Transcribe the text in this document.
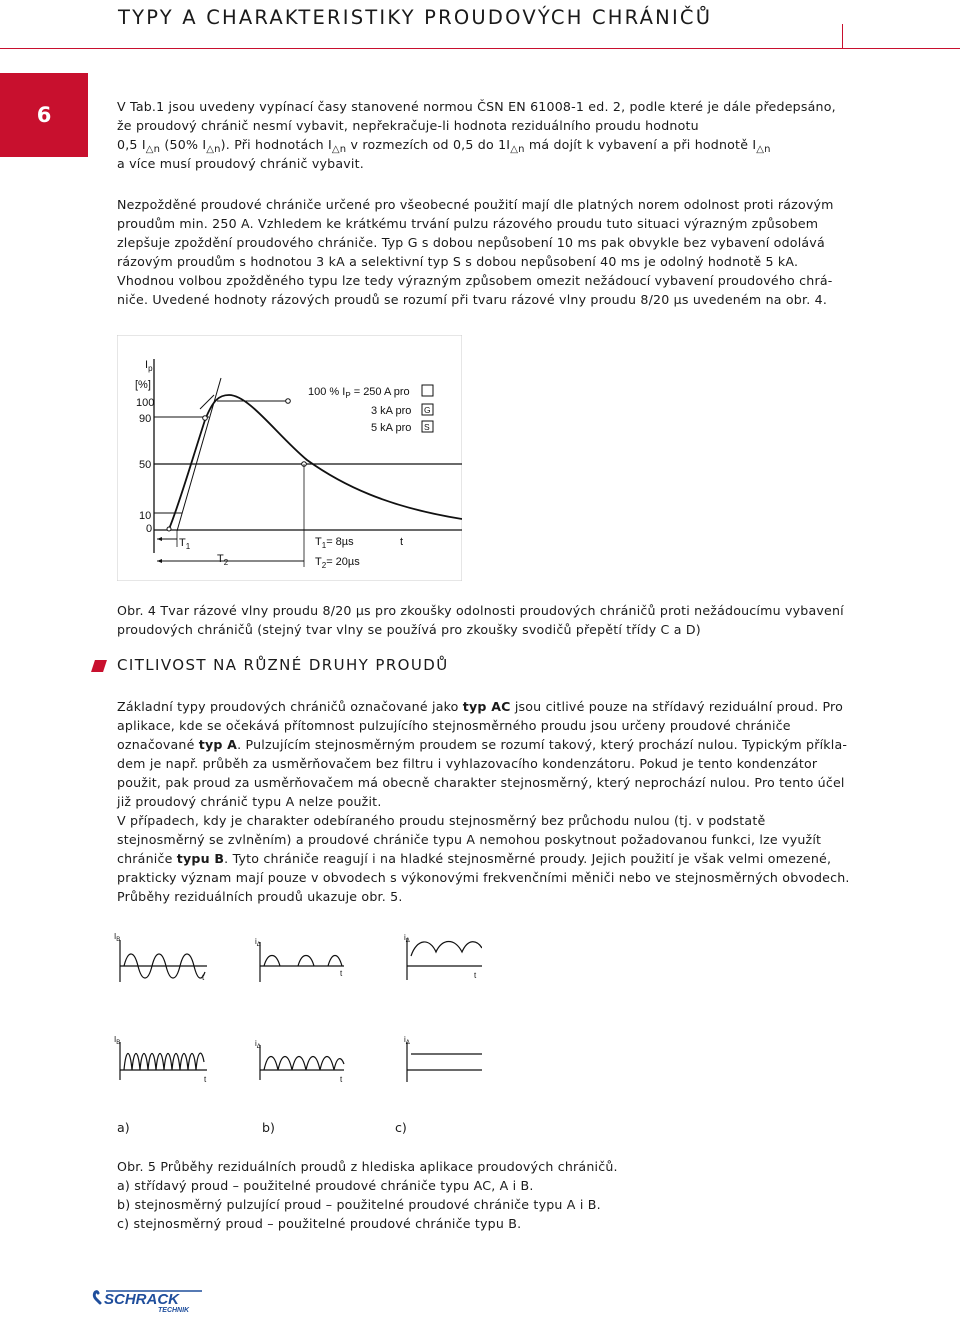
TYPY A CHARAKTERISTIKY PROUDOVÝCH CHRÁNIČŮ
6	V Tab.1 jsou uvedeny vypínací časy stanovené normou ČSN EN 61008-1 ed. 2, podle které je dále předepsáno,
že proudový chránič nesmí vybavit, nepřekračuje-li hodnota reziduálního proudu hodnotu
0,5 $I_{\triangle n}$ (50% $I_{\triangle n}$). Při hodnotách $I_{\triangle n}$ v rozmezích od 0,5 do $1I_{\triangle n}$ má dojít k vybavení a při hodnotě $I_{\triangle n}$
a více musí proudový chránič vybavit.
Nezpožděné proudové chrániče určené pro všeobecné použití mají dle platných norem odolnost proti rázovým
proudům min. 250 A. Vzhledem ke krátkému trvání pulzu rázového proudu tuto situaci výrazným způsobem
zlepšuje zpoždění proudového chrániče. Typ G s dobou nepůsobení 10 ms pak obvykle bez vybavení odolává
rázovým proudům s hodnotou 3 kA a selektivní typ S s dobou nepůsobení 40 ms je odolný hodnotě 5 kA.
Vhodnou volbou zpožděného typu lze tedy výrazným způsobem omezit nežádoucí vybavení proudového chrá-
niče. Uvedené hodnoty rázových proudů se rozumí při tvaru rázové vlny proudu 8/20 µs uvedeném na obr. 4.
$I_p$
[%]
100
90
50
10
0
100 % $I_P = 250$ A pro
3 kA pro G
5 kA pro S
$T_1$
$T_2$
$T_1= 8\mu s$
$T_2= 20\mu s$
t
Obr. 4 Tvar rázové vlny proudu 8/20 µs pro zkoušky odolnosti proudových chráničů proti nežádoucímu vybavení
proudových chráničů (stejný tvar vlny se používá pro zkoušky svodičů přepětí třídy C a D)
CITLIVOST NA RŮZNÉ DRUHY PROUDŮ
Základní typy proudových chráničů označované jako typ AC jsou citlivé pouze na střídavý reziduální proud. Pro
aplikace, kde se očekává přítomnost pulzujícího stejnosměrného proudu jsou určeny proudové chrániče
označované typ A. Pulzujícím stejnosměrným proudem se rozumí takový, který prochází nulou. Typickým příkla-
dem je např. průběh za usměrňovačem bez filtru i vyhlazovacího kondenzátoru. Pokud je tento kondenzátor
použit, pak proud za usměrňovačem má obecně charakter stejnosměrný, který neprochází nulou. Pro tento účel
již proudový chránič typu A nelze použit.
V případech, kdy je charakter odebíraného proudu stejnosměrný bez průchodu nulou (tj. v podstatě
stejnosměrný se zvlněním) a proudové chrániče typu A nemohou poskytnout požadovanou funkci, lze využít
chrániče typu B. Tyto chrániče reagují i na hladké stejnosměrné proudy. Jejich použití je však velmi omezené,
prakticky význam mají pouze v obvodech s výkonovými frekvenčními měniči nebo ve stejnosměrných obvodech.
Průběhy reziduálních proudů ukazuje obr. 5.
$I_B$
t
$i_\Delta$
t
$i_\Delta$
t
$I_B$
t
$i_\Delta$
t
$i_\Delta$
a)	b)	c)
Obr. 5 Průběhy reziduálních proudů z hlediska aplikace proudových chráničů.
a) střídavý proud – použitelné proudové chrániče typu AC, A i B.
b) stejnosměrný pulzující proud – použitelné proudové chrániče typu A i B.
c) stejnosměrný proud – použitelné proudové chrániče typu B.
SCHRACK
TECHNIK
